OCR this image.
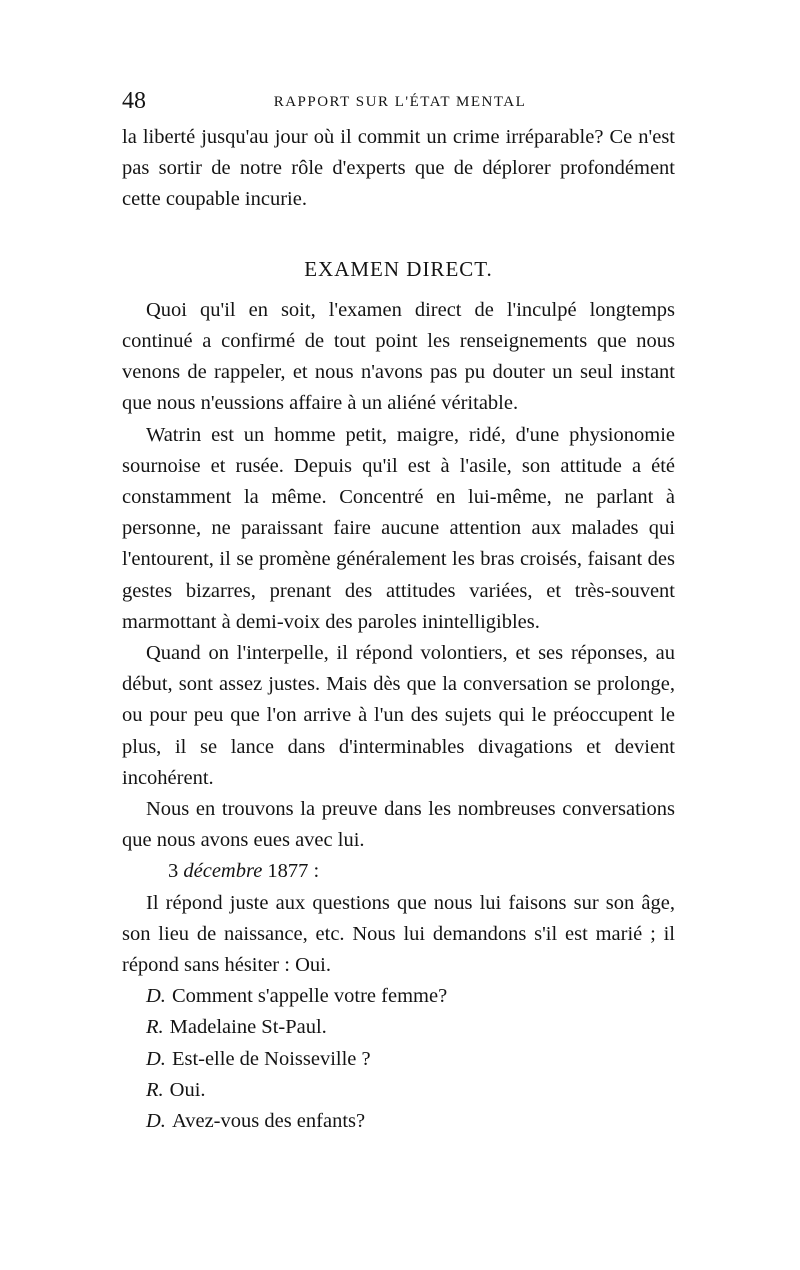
48	RAPPORT SUR L'ÉTAT MENTAL

la liberté jusqu'au jour où il commit un crime irréparable? Ce n'est pas sortir de notre rôle d'experts que de déplorer profondément cette coupable incurie.

EXAMEN DIRECT.

Quoi qu'il en soit, l'examen direct de l'inculpé longtemps continué a confirmé de tout point les renseignements que nous venons de rappeler, et nous n'avons pas pu douter un seul instant que nous n'eussions affaire à un aliéné véritable.

Watrin est un homme petit, maigre, ridé, d'une physionomie sournoise et rusée. Depuis qu'il est à l'asile, son attitude a été constamment la même. Concentré en lui-même, ne parlant à personne, ne paraissant faire aucune attention aux malades qui l'entourent, il se promène généralement les bras croisés, faisant des gestes bizarres, prenant des attitudes variées, et très-souvent marmottant à demi-voix des paroles inintelligibles.

Quand on l'interpelle, il répond volontiers, et ses réponses, au début, sont assez justes. Mais dès que la conversation se prolonge, ou pour peu que l'on arrive à l'un des sujets qui le préoccupent le plus, il se lance dans d'interminables divagations et devient incohérent.

Nous en trouvons la preuve dans les nombreuses conversations que nous avons eues avec lui.

3 décembre 1877 :

Il répond juste aux questions que nous lui faisons sur son âge, son lieu de naissance, etc. Nous lui demandons s'il est marié ; il répond sans hésiter : Oui.

D. Comment s'appelle votre femme?

R. Madelaine St-Paul.

D. Est-elle de Noisseville ?

R. Oui.

D. Avez-vous des enfants?
